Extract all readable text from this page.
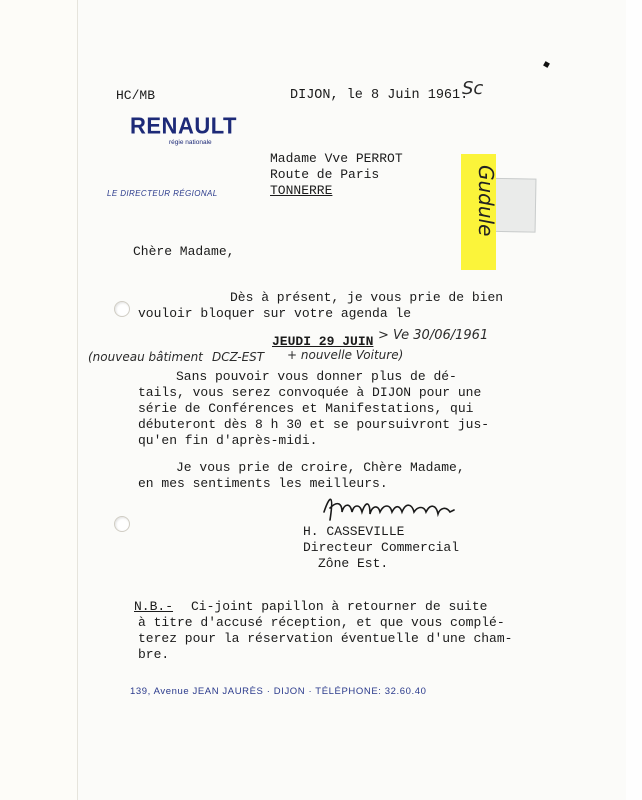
HC/MB	DIJON, le 8 Juin 1961.
Sc
RENAULT
régie nationale
LE DIRECTEUR RÉGIONAL
Madame Vve PERROT
Route de Paris
TONNERRE	Gudule
Chère Madame,
Dès à présent, je vous prie de bien
vouloir bloquer sur votre agenda le
JEUDI 29 JUIN > Ve 30/06/1961
(nouveau bâtiment DCZ-EST + nouvelle Voiture)
Sans pouvoir vous donner plus de dé-
tails, vous serez convoquée à DIJON pour une
série de Conférences et Manifestations, qui
débuteront dès 8 h 30 et se poursuivront jus-
qu'en fin d'après-midi.
Je vous prie de croire, Chère Madame,
en mes sentiments les meilleurs.
H. CASSEVILLE
Directeur Commercial
Zône Est.
N.B.- Ci-joint papillon à retourner de suite
à titre d'accusé réception, et que vous complé-
terez pour la réservation éventuelle d'une cham-
bre.
139, Avenue JEAN JAURÈS · DIJON · TÉLÉPHONE: 32.60.40
